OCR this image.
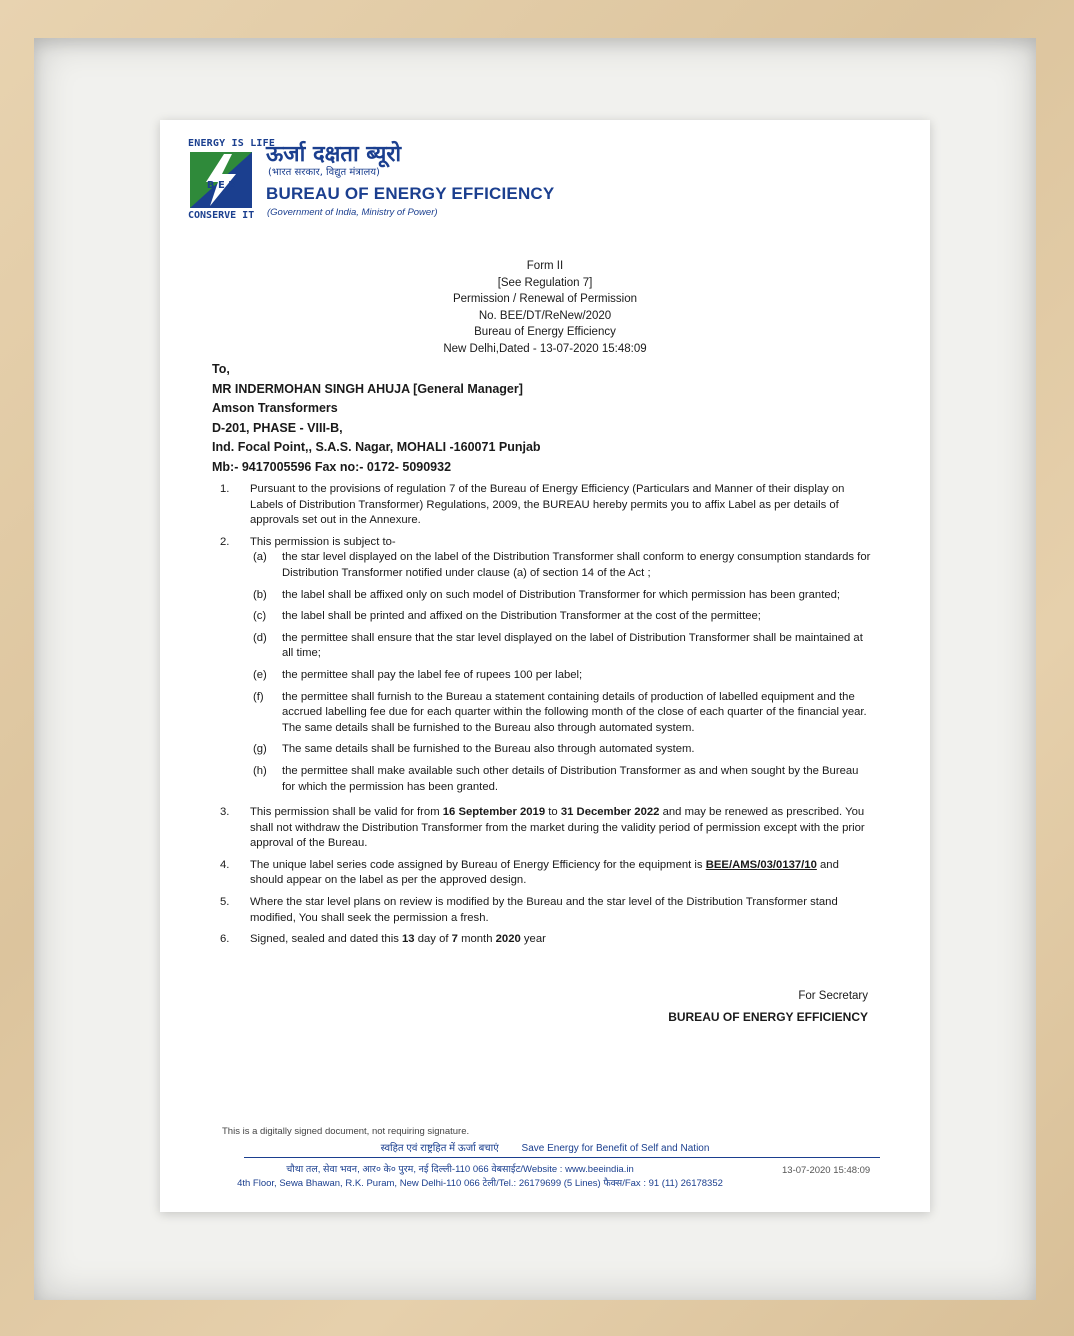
ENERGY IS LIFE
B E E
CONSERVE IT
ऊर्जा दक्षता ब्यूरो
(भारत सरकार, विद्युत मंत्रालय)
BUREAU OF ENERGY EFFICIENCY
(Government of India, Ministry of Power)
Form II
[See Regulation 7]
Permission / Renewal of Permission
No. BEE/DT/ReNew/2020
Bureau of Energy Efficiency
New Delhi,Dated - 13-07-2020 15:48:09
To,
MR INDERMOHAN SINGH AHUJA [General Manager]
Amson Transformers
D-201, PHASE - VIII-B,
Ind. Focal Point,, S.A.S. Nagar, MOHALI -160071 Punjab
Mb:- 9417005596 Fax no:- 0172- 5090932
1. Pursuant to the provisions of regulation 7 of the Bureau of Energy Efficiency (Particulars and Manner of their display on Labels of Distribution Transformer) Regulations, 2009, the BUREAU hereby permits you to affix Label as per details of approvals set out in the Annexure.
2. This permission is subject to-
(a) the star level displayed on the label of the Distribution Transformer shall conform to energy consumption standards for Distribution Transformer notified under clause (a) of section 14 of the Act ;
(b) the label shall be affixed only on such model of Distribution Transformer for which permission has been granted;
(c) the label shall be printed and affixed on the Distribution Transformer at the cost of the permittee;
(d) the permittee shall ensure that the star level displayed on the label of Distribution Transformer shall be maintained at all time;
(e) the permittee shall pay the label fee of rupees 100 per label;
(f) the permittee shall furnish to the Bureau a statement containing details of production of labelled equipment and the accrued labelling fee due for each quarter within the following month of the close of each quarter of the financial year. The same details shall be furnished to the Bureau also through automated system.
(g) The same details shall be furnished to the Bureau also through automated system.
(h) the permittee shall make available such other details of Distribution Transformer as and when sought by the Bureau for which the permission has been granted.
3. This permission shall be valid for from 16 September 2019 to 31 December 2022 and may be renewed as prescribed. You shall not withdraw the Distribution Transformer from the market during the validity period of permission except with the prior approval of the Bureau.
4. The unique label series code assigned by Bureau of Energy Efficiency for the equipment is BEE/AMS/03/0137/10 and should appear on the label as per the approved design.
5. Where the star level plans on review is modified by the Bureau and the star level of the Distribution Transformer stand modified, You shall seek the permission a fresh.
6. Signed, sealed and dated this 13 day of 7 month 2020 year
For Secretary
BUREAU OF ENERGY EFFICIENCY
This is a digitally signed document, not requiring signature.
स्वहित एवं राष्ट्रहित में ऊर्जा बचाएं Save Energy for Benefit of Self and Nation
चौथा तल, सेवा भवन, आर० के० पुरम, नई दिल्ली-110 066 वेबसाईट/Website : www.beeindia.in	13-07-2020 15:48:09
4th Floor, Sewa Bhawan, R.K. Puram, New Delhi-110 066 टेली/Tel.: 26179699 (5 Lines) फैक्स/Fax : 91 (11) 26178352
